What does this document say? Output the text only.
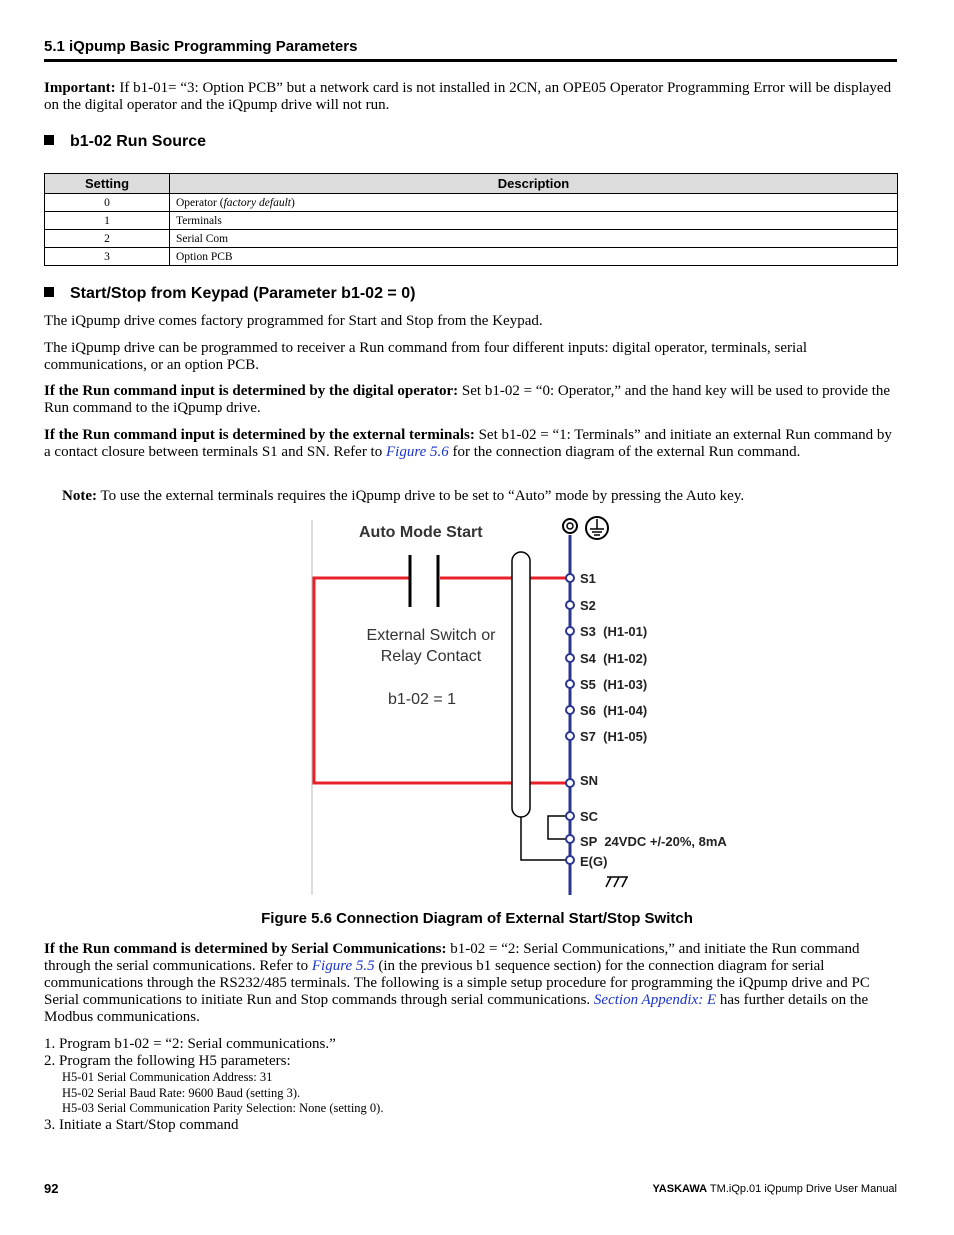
5.1 iQpump Basic Programming Parameters
Important: If b1-01= “3: Option PCB” but a network card is not installed in 2CN, an OPE05 Operator Programming Error will be displayed on the digital operator and the iQpump drive will not run.
b1-02 Run Source
Setting	Description
0	Operator (factory default)
1	Terminals
2	Serial Com
3	Option PCB
Start/Stop from Keypad (Parameter b1-02 = 0)
The iQpump drive comes factory programmed for Start and Stop from the Keypad.
The iQpump drive can be programmed to receiver a Run command from four different inputs: digital operator, terminals, serial communications, or an option PCB.
If the Run command input is determined by the digital operator: Set b1-02 = “0: Operator,” and the hand key will be used to provide the Run command to the iQpump drive.
If the Run command input is determined by the external terminals: Set b1-02 = “1: Terminals” and initiate an external Run command by a contact closure between terminals S1 and SN. Refer to Figure 5.6 for the connection diagram of the external Run command.
Note: To use the external terminals requires the iQpump drive to be set to “Auto” mode by pressing the Auto key.
Auto Mode Start
External Switch or
Relay Contact
b1-02 = 1
S1
S2
S3  (H1-01)
S4  (H1-02)
S5  (H1-03)
S6  (H1-04)
S7  (H1-05)
SN
SC
SP  24VDC +/-20%, 8mA
E(G)
Figure 5.6 Connection Diagram of External Start/Stop Switch
If the Run command is determined by Serial Communications: b1-02 = “2: Serial Communications,” and initiate the Run command through the serial communications. Refer to Figure 5.5 (in the previous b1 sequence section) for the connection diagram for serial communications through the RS232/485 terminals. The following is a simple setup procedure for programming the iQpump drive and PC Serial communications to initiate Run and Stop commands through serial communications. Section Appendix: E has further details on the Modbus communications.
1. Program b1-02 = “2: Serial communications.”
2. Program the following H5 parameters:
H5-01 Serial Communication Address: 31
H5-02 Serial Baud Rate: 9600 Baud (setting 3).
H5-03 Serial Communication Parity Selection: None (setting 0).
3. Initiate a Start/Stop command
92	YASKAWA TM.iQp.01 iQpump Drive User Manual
